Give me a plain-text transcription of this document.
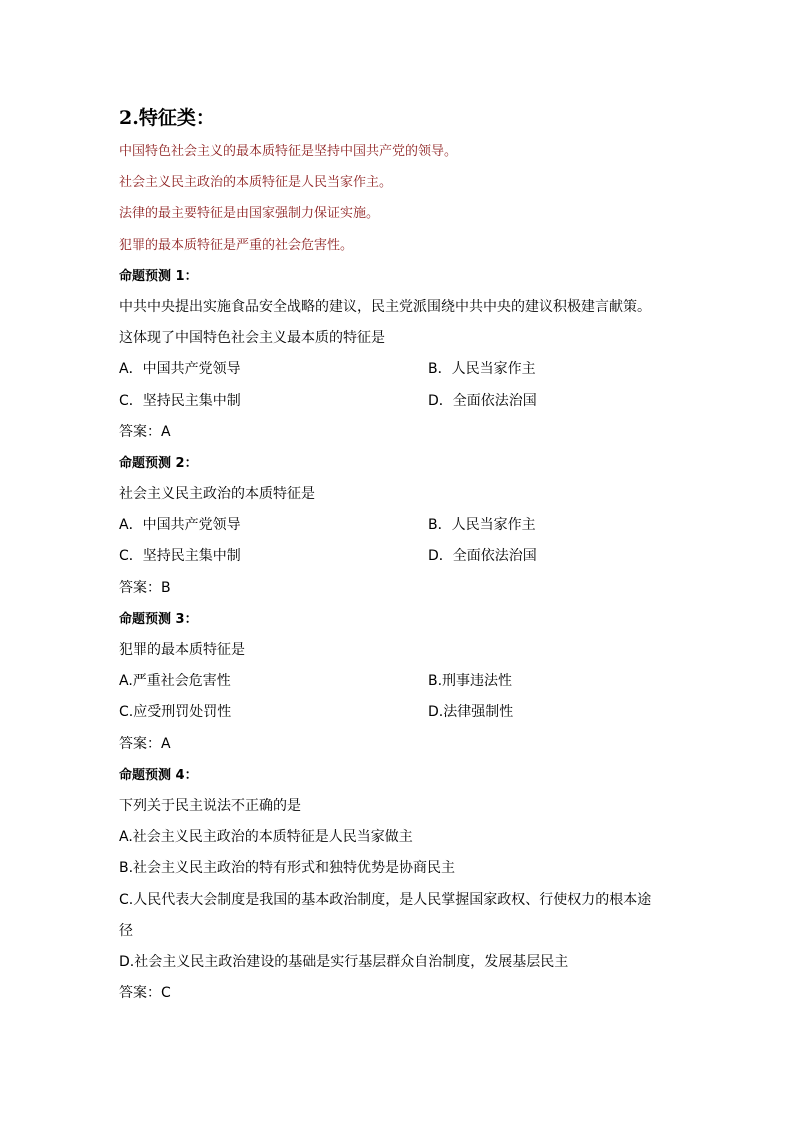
2.特征类：
中国特色社会主义的最本质特征是坚持中国共产党的领导。
社会主义民主政治的本质特征是人民当家作主。
法律的最主要特征是由国家强制力保证实施。
犯罪的最本质特征是严重的社会危害性。
命题预测 1：
中共中央提出实施食品安全战略的建议，民主党派围绕中共中央的建议积极建言献策。
这体现了中国特色社会主义最本质的特征是
A．中国共产党领导	B．人民当家作主
C．坚持民主集中制	D．全面依法治国
答案：A
命题预测 2：
社会主义民主政治的本质特征是
A．中国共产党领导	B．人民当家作主
C．坚持民主集中制	D．全面依法治国
答案：B
命题预测 3：
犯罪的最本质特征是
A.严重社会危害性	B.刑事违法性
C.应受刑罚处罚性	D.法律强制性
答案：A
命题预测 4：
下列关于民主说法不正确的是
A.社会主义民主政治的本质特征是人民当家做主
B.社会主义民主政治的特有形式和独特优势是协商民主
C.人民代表大会制度是我国的基本政治制度，是人民掌握国家政权、行使权力的根本途
径
D.社会主义民主政治建设的基础是实行基层群众自治制度，发展基层民主
答案：C
